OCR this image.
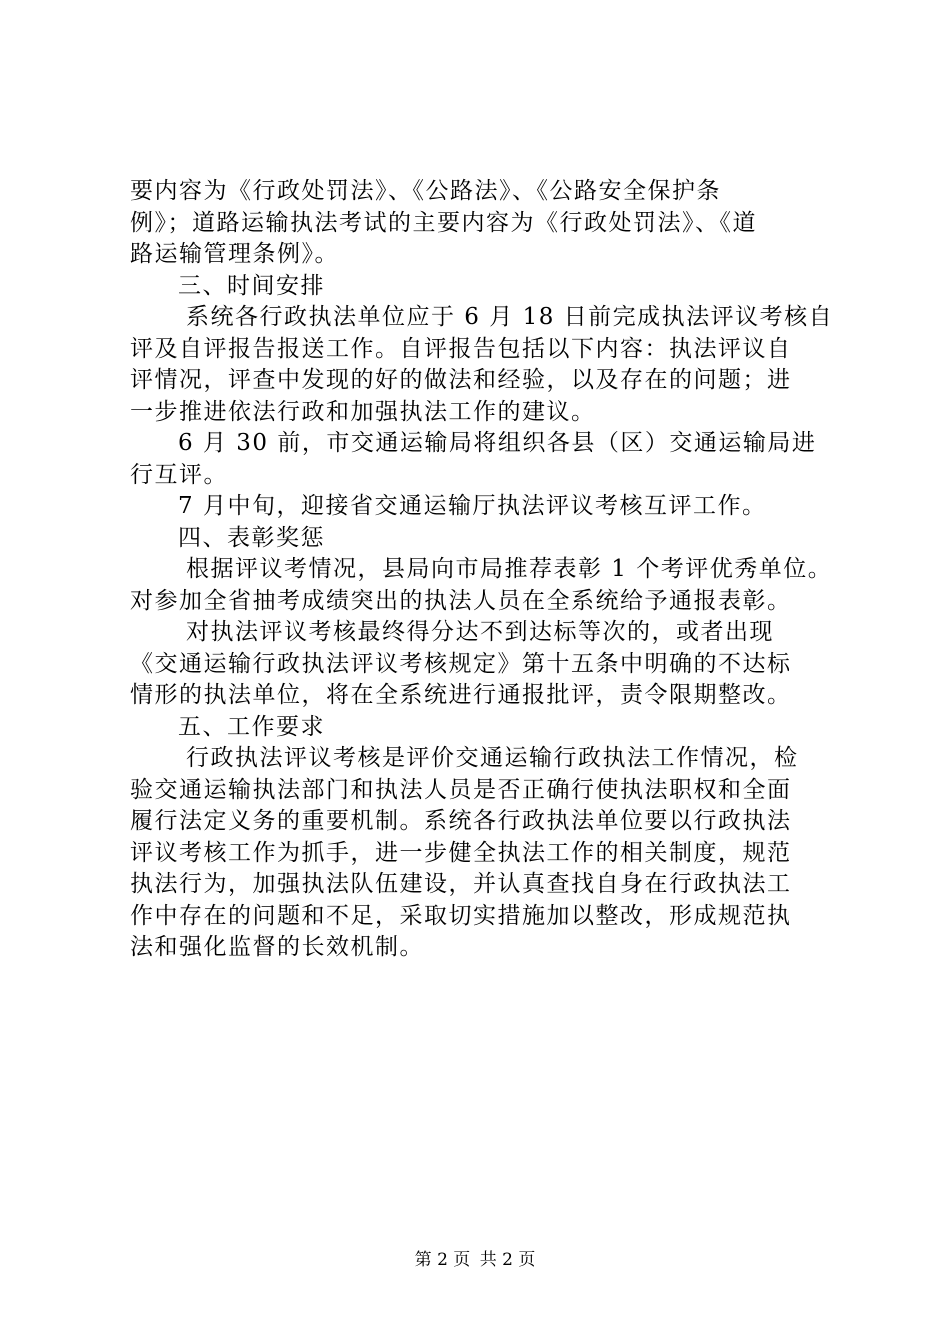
要内容为《行政处罚法》、《公路法》、《公路安全保护条
例》；道路运输执法考试的主要内容为《行政处罚法》、《道
路运输管理条例》。
三、时间安排
系统各行政执法单位应于 6 月 18 日前完成执法评议考核自
评及自评报告报送工作。自评报告包括以下内容：执法评议自
评情况，评查中发现的好的做法和经验，以及存在的问题；进
一步推进依法行政和加强执法工作的建议。
6 月 30 前，市交通运输局将组织各县（区）交通运输局进
行互评。
7 月中旬，迎接省交通运输厅执法评议考核互评工作。
四、表彰奖惩
根据评议考情况，县局向市局推荐表彰 1 个考评优秀单位。
对参加全省抽考成绩突出的执法人员在全系统给予通报表彰。
对执法评议考核最终得分达不到达标等次的，或者出现
《交通运输行政执法评议考核规定》第十五条中明确的不达标
情形的执法单位，将在全系统进行通报批评，责令限期整改。
五、工作要求
行政执法评议考核是评价交通运输行政执法工作情况，检
验交通运输执法部门和执法人员是否正确行使执法职权和全面
履行法定义务的重要机制。系统各行政执法单位要以行政执法
评议考核工作为抓手，进一步健全执法工作的相关制度，规范
执法行为，加强执法队伍建设，并认真查找自身在行政执法工
作中存在的问题和不足，采取切实措施加以整改，形成规范执
法和强化监督的长效机制。
第 2 页 共 2 页
